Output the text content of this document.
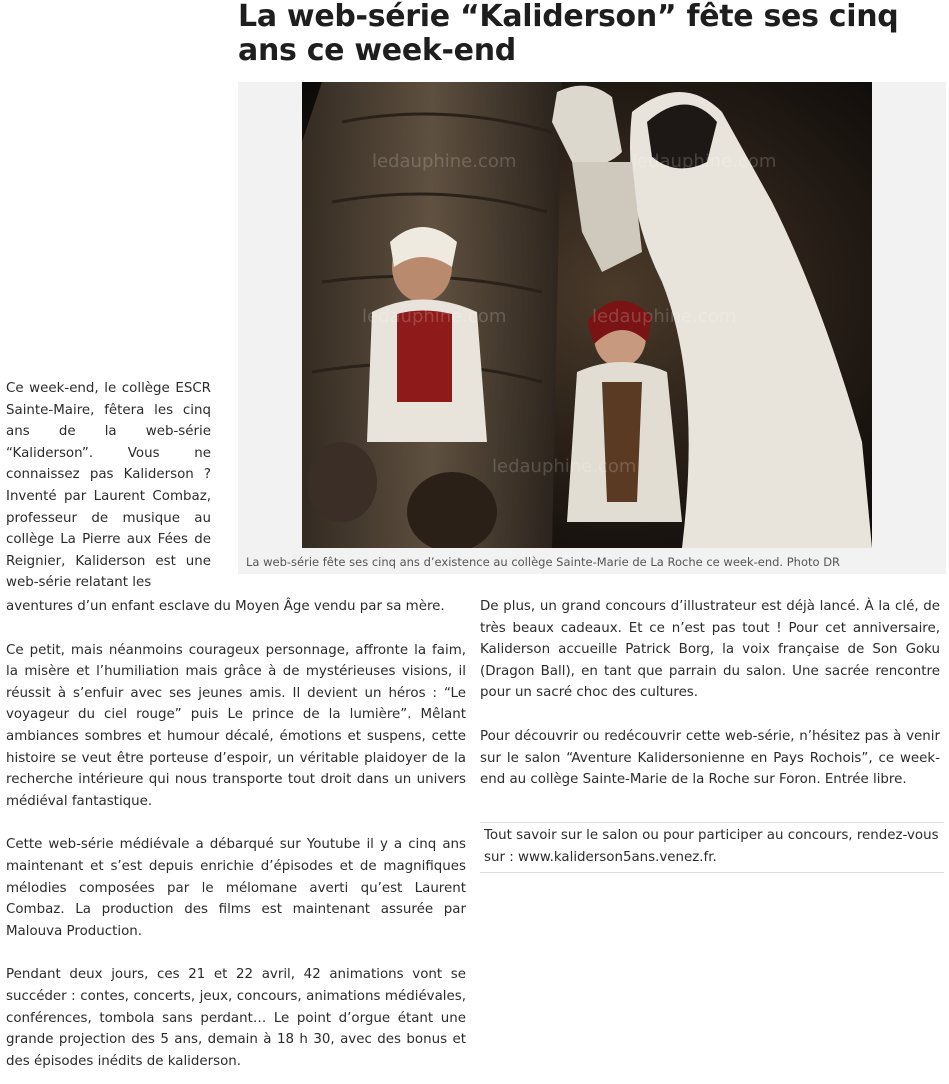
La web-série “Kaliderson” fête ses cinq ans ce week-end
ledauphine.com	ledauphine.com
ledauphine.com	ledauphine.com
ledauphine.com
La web-série fête ses cinq ans d’existence au collège Sainte-Marie de La Roche ce week-end. Photo DR

Ce week-end, le collège ESCR Sainte-Maire, fêtera les cinq ans de la web-série “Kaliderson”. Vous ne connaissez pas Kaliderson ? Inventé par Laurent Combaz, professeur de musique au collège La Pierre aux Fées de Reignier, Kaliderson est une web-série relatant les

aventures d’un enfant esclave du Moyen Âge vendu par sa mère.

Ce petit, mais néanmoins courageux personnage, affronte la faim, la misère et l’humiliation mais grâce à de mystérieuses visions, il réussit à s’enfuir avec ses jeunes amis. Il devient un héros : “Le voyageur du ciel rouge” puis Le prince de la lumière”. Mêlant ambiances sombres et humour décalé, émotions et suspens, cette histoire se veut être porteuse d’espoir, un véritable plaidoyer de la recherche intérieure qui nous transporte tout droit dans un univers médiéval fantastique.

Cette web-série médiévale a débarqué sur Youtube il y a cinq ans maintenant et s’est depuis enrichie d’épisodes et de magnifiques mélodies composées par le mélomane averti qu’est Laurent Combaz. La production des films est maintenant assurée par Malouva Production.

Pendant deux jours, ces 21 et 22 avril, 42 animations vont se succéder : contes, concerts, jeux, concours, animations médiévales, conférences, tombola sans perdant… Le point d’orgue étant une grande projection des 5 ans, demain à 18 h 30, avec des bonus et des épisodes inédits de kaliderson.

De plus, un grand concours d’illustrateur est déjà lancé. À la clé, de très beaux cadeaux. Et ce n’est pas tout ! Pour cet anniversaire, Kaliderson accueille Patrick Borg, la voix française de Son Goku (Dragon Ball), en tant que parrain du salon. Une sacrée rencontre pour un sacré choc des cultures.

Pour découvrir ou redécouvrir cette web-série, n’hésitez pas à venir sur le salon “Aventure Kalidersonienne en Pays Rochois”, ce week-end au collège Sainte-Marie de la Roche sur Foron. Entrée libre.

Tout savoir sur le salon ou pour participer au concours, rendez-vous sur : www.kaliderson5ans.venez.fr.
